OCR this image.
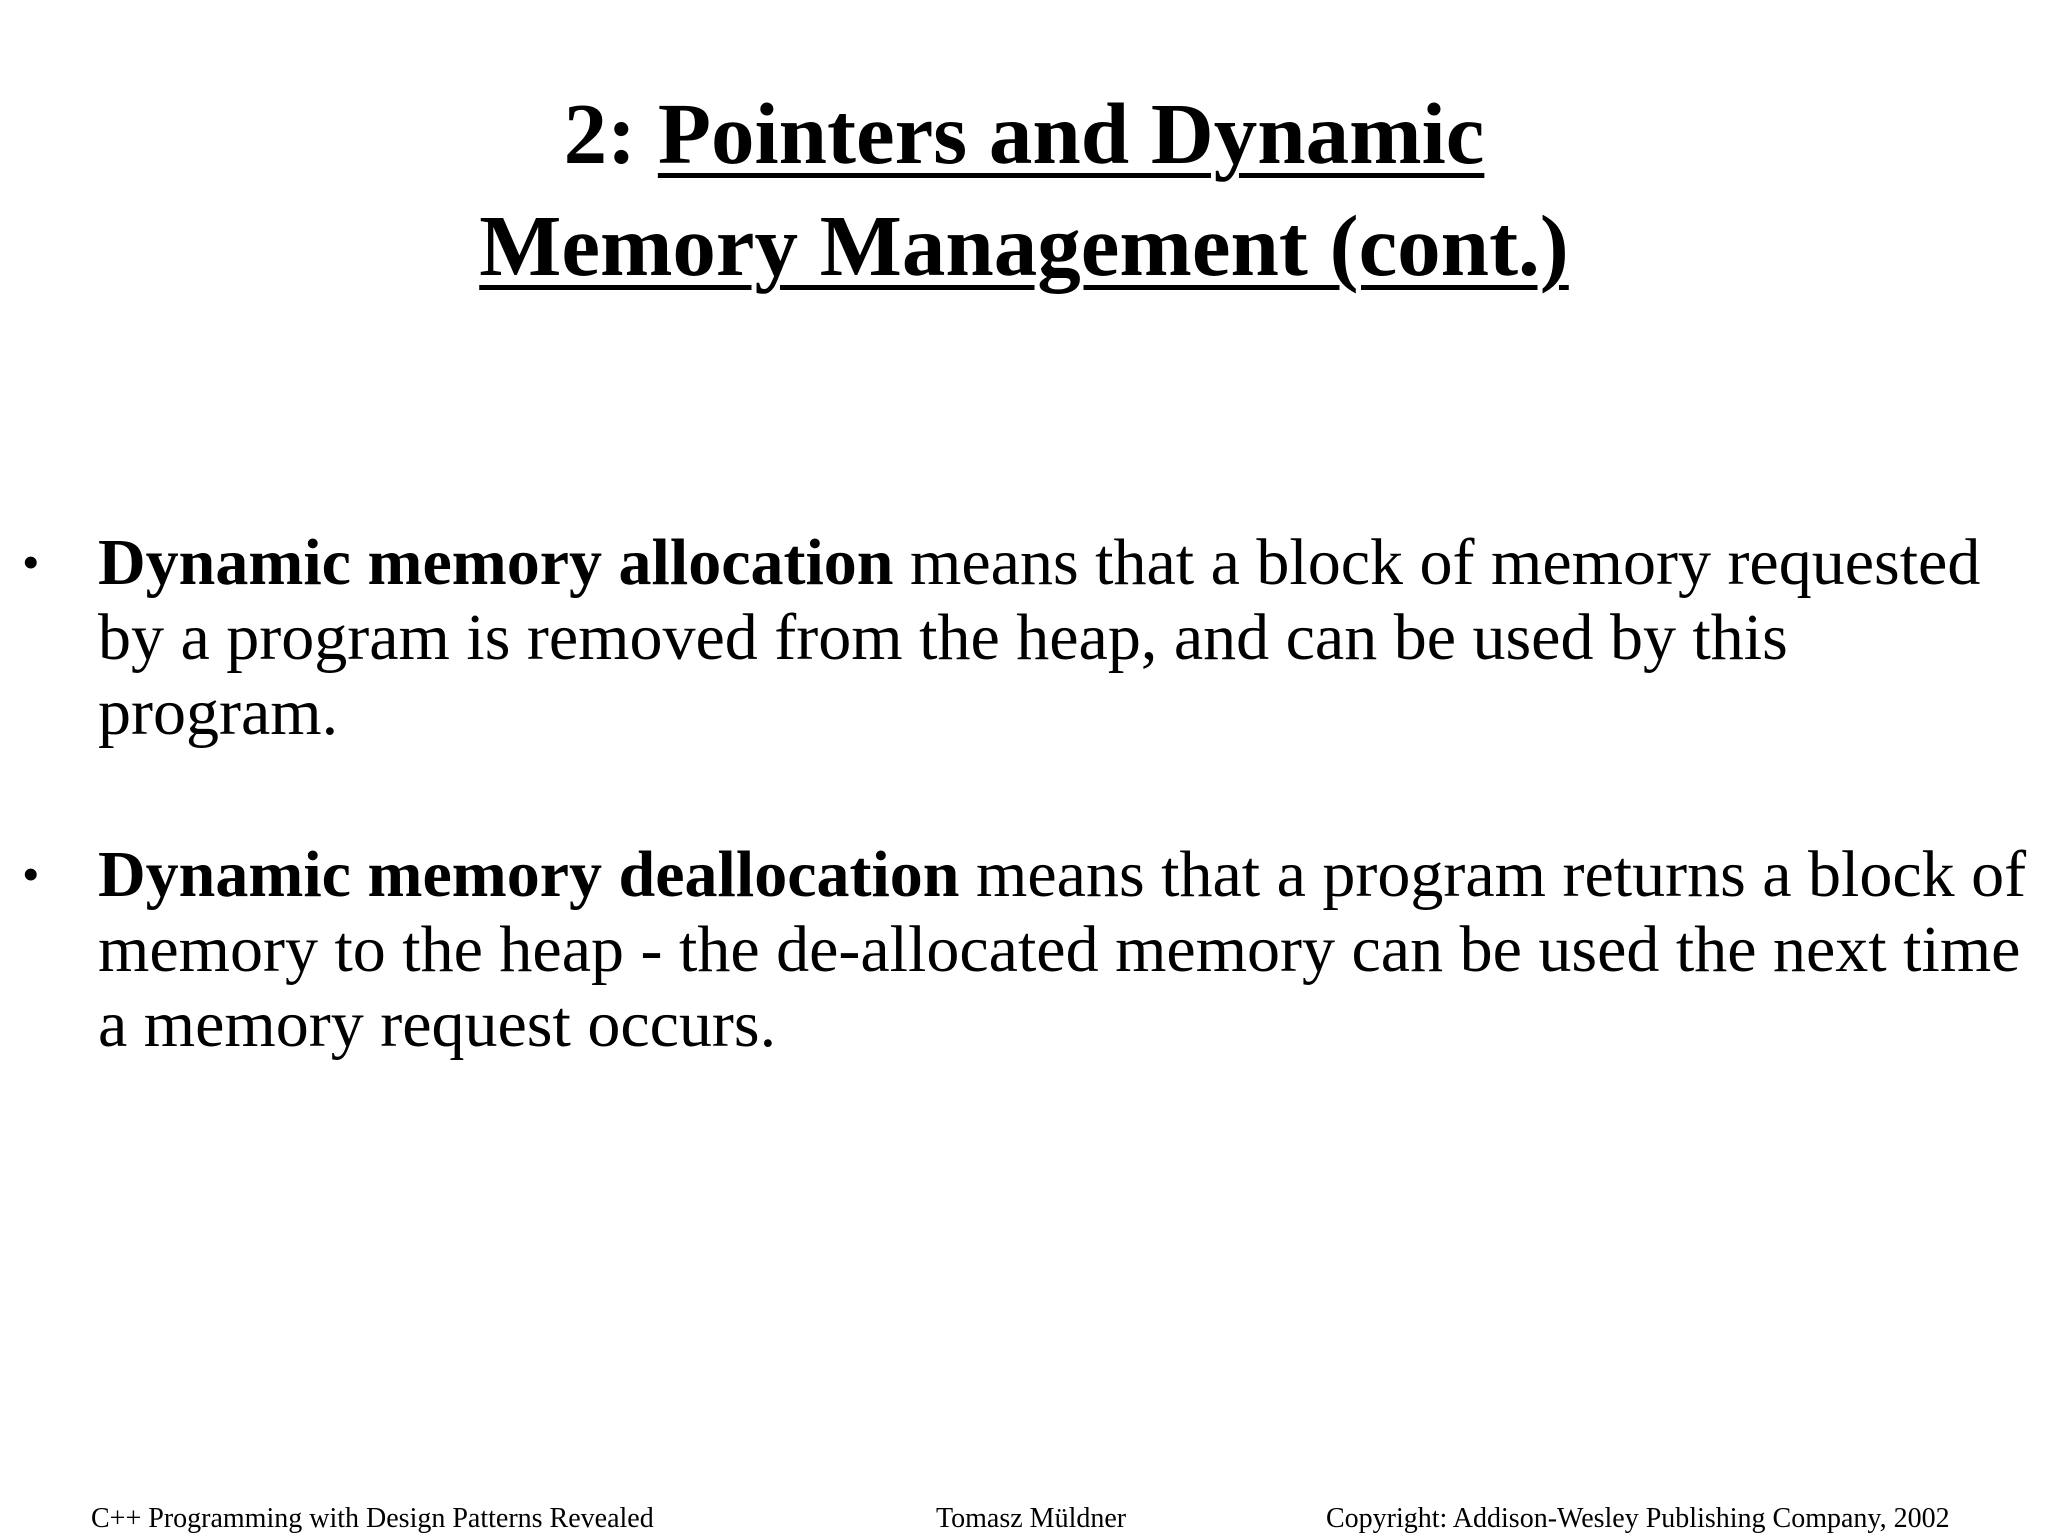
2: Pointers and Dynamic
Memory Management (cont.)
• Dynamic memory allocation means that a block of memory requested by a program is removed from the heap, and can be used by this program.
• Dynamic memory deallocation means that a program returns a block of memory to the heap - the de-allocated memory can be used the next time a memory request occurs.
C++ Programming with Design Patterns Revealed	Tomasz Müldner	Copyright: Addison-Wesley Publishing Company, 2002
